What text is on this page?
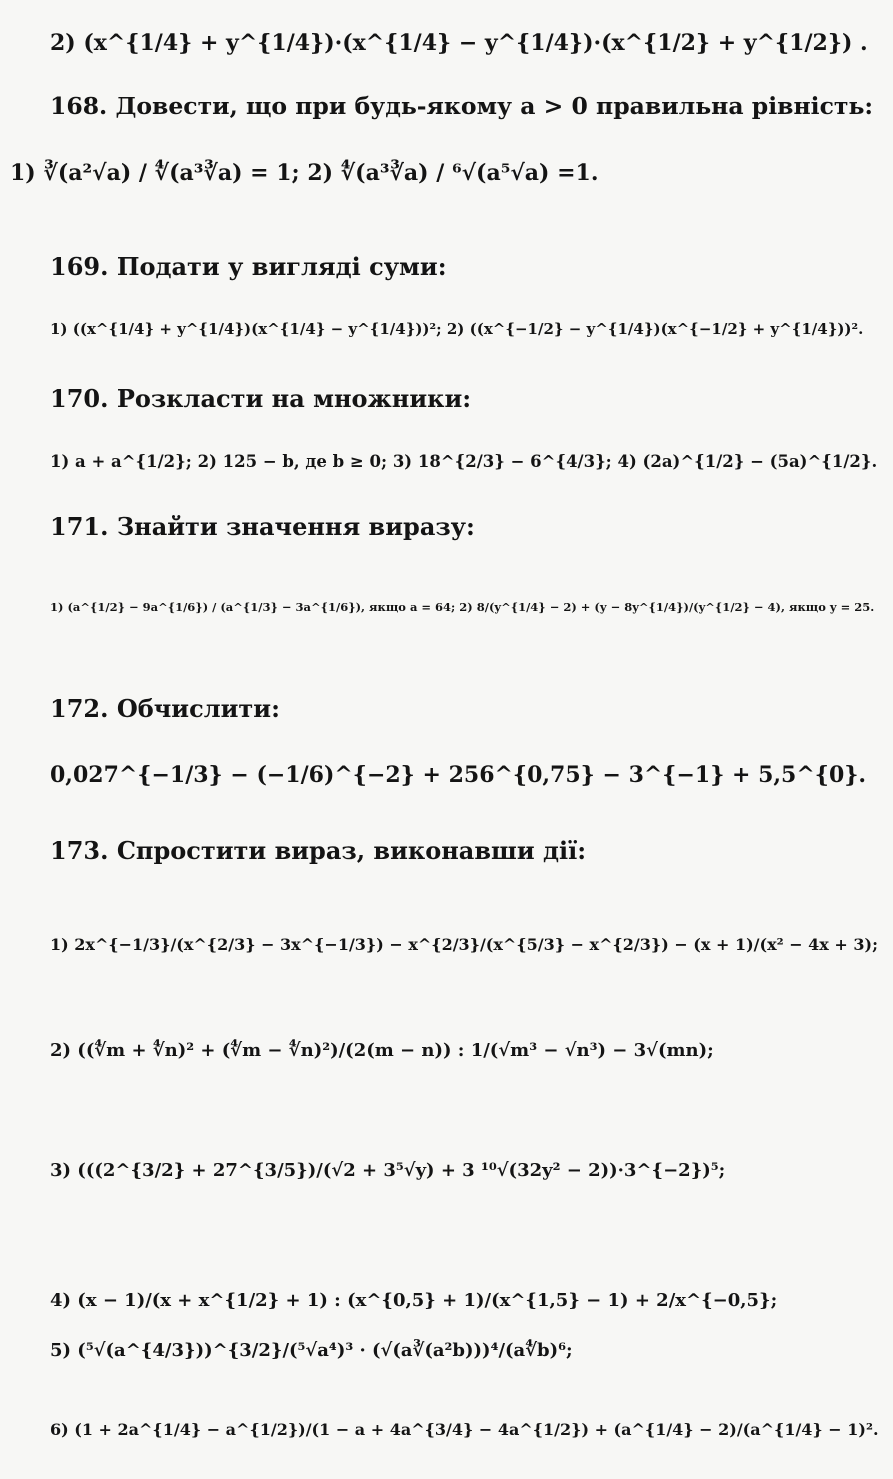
2) (x^{1/4} + y^{1/4})·(x^{1/4} − y^{1/4})·(x^{1/2} + y^{1/2}) .
168. Довести, що при будь-якому a > 0 правильна рівність:
1) ∛(a²√a) / ∜(a³∛a) = 1; 2) ∜(a³∛a) / ⁶√(a⁵√a) =1.
169. Подати у вигляді суми:
1) ((x^{1/4} + y^{1/4})(x^{1/4} − y^{1/4}))²; 2) ((x^{−1/2} − y^{1/4})(x^{−1/2} + y^{1/4}))².
170. Розкласти на множники:
1) a + a^{1/2}; 2) 125 − b, де b ≥ 0; 3) 18^{2/3} − 6^{4/3}; 4) (2a)^{1/2} − (5a)^{1/2}.
171. Знайти значення виразу:
1) (a^{1/2} − 9a^{1/6}) / (a^{1/3} − 3a^{1/6}), якщо a = 64; 2) 8/(y^{1/4} − 2) + (y − 8y^{1/4})/(y^{1/2} − 4), якщо y = 25.
172. Обчислити:
0,027^{−1/3} − (−1/6)^{−2} + 256^{0,75} − 3^{−1} + 5,5^{0}.
173. Спростити вираз, виконавши дії:
1) 2x^{−1/3}/(x^{2/3} − 3x^{−1/3}) − x^{2/3}/(x^{5/3} − x^{2/3}) − (x + 1)/(x² − 4x + 3);
2) ((∜m + ∜n)² + (∜m − ∜n)²)/(2(m − n)) : 1/(√m³ − √n³) − 3√(mn);
3) (((2^{3/2} + 27^{3/5})/(√2 + 3⁵√y) + 3 ¹⁰√(32y² − 2))·3^{−2})⁵;
4) (x − 1)/(x + x^{1/2} + 1) : (x^{0,5} + 1)/(x^{1,5} − 1) + 2/x^{−0,5};
5) (⁵√(a^{4/3}))^{3/2}/(⁵√a⁴)³ · (√(a∛(a²b)))⁴/(a∜b)⁶;
6) (1 + 2a^{1/4} − a^{1/2})/(1 − a + 4a^{3/4} − 4a^{1/2}) + (a^{1/4} − 2)/(a^{1/4} − 1)².
